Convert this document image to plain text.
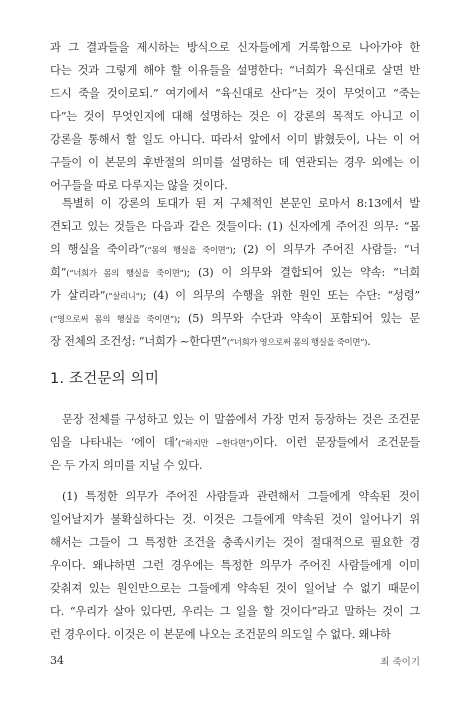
과 그 결과들을 제시하는 방식으로 신자들에게 거룩함으로 나아가야 한
다는 것과 그렇게 해야 할 이유들을 설명한다: “너희가 육신대로 살면 반
드시 죽을 것이로되.” 여기에서 “육신대로 산다”는 것이 무엇이고 “죽는
다”는 것이 무엇인지에 대해 설명하는 것은 이 강론의 목적도 아니고 이
강론을 통해서 할 일도 아니다. 따라서 앞에서 이미 밝혔듯이, 나는 이 어
구들이 이 본문의 후반절의 의미를 설명하는 데 연관되는 경우 외에는 이
어구들을 따로 다루지는 않을 것이다.
특별히 이 강론의 토대가 된 저 구체적인 본문인 로마서 8:13에서 발
견되고 있는 것들은 다음과 같은 것들이다: (1) 신자에게 주어진 의무: “몸
의 행실을 죽이라”(“몸의 행실을 죽이면”); (2) 이 의무가 주어진 사람들: “너
희”(“너희가 몸의 행실을 죽이면”); (3) 이 의무와 결합되어 있는 약속: “너희
가 살리라”(“살리니”); (4) 이 의무의 수행을 위한 원인 또는 수단: “성령”
(“영으로써 몸의 행실을 죽이면”); (5) 의무와 수단과 약속이 포함되어 있는 문
장 전체의 조건성: “너희가 ~한다면”(“너희가 영으로써 몸의 행실을 죽이면”).
1. 조건문의 의미
문장 전체를 구성하고 있는 이 말씀에서 가장 먼저 등장하는 것은 조건문
임을 나타내는 ‘에이 데’(“하지만 ~한다면”)이다. 이런 문장들에서 조건문들
은 두 가지 의미를 지닐 수 있다.
(1) 특정한 의무가 주어진 사람들과 관련해서 그들에게 약속된 것이
일어날지가 불확실하다는 것. 이것은 그들에게 약속된 것이 일어나기 위
해서는 그들이 그 특정한 조건을 충족시키는 것이 절대적으로 필요한 경
우이다. 왜냐하면 그런 경우에는 특정한 의무가 주어진 사람들에게 이미
갖춰져 있는 원인만으로는 그들에게 약속된 것이 일어날 수 없기 때문이
다. “우리가 살아 있다면, 우리는 그 일을 할 것이다”라고 말하는 것이 그
런 경우이다. 이것은 이 본문에 나오는 조건문의 의도일 수 없다. 왜냐하
34	죄 죽이기
